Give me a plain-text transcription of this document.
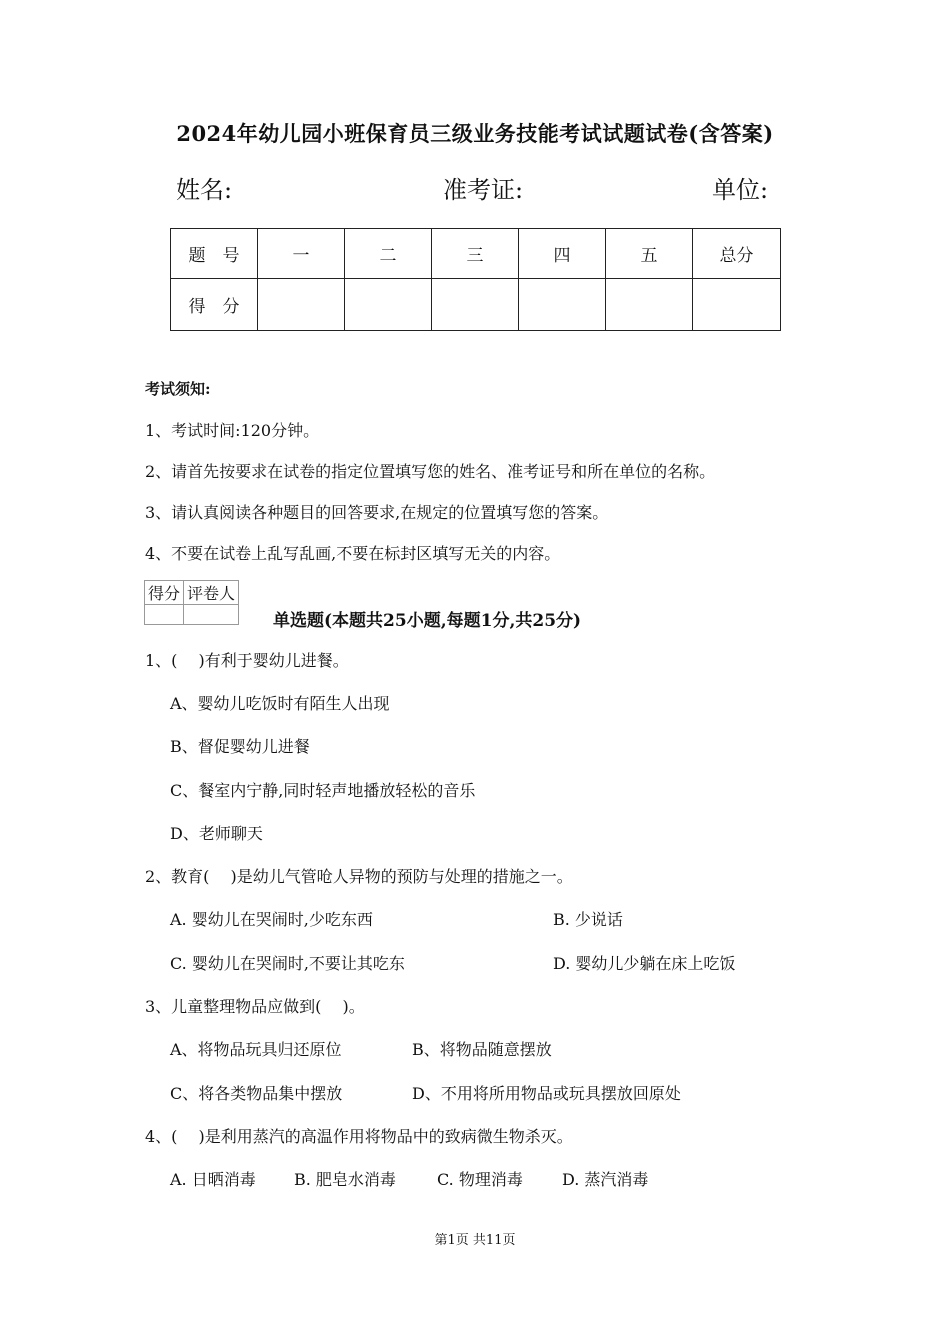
2024年幼儿园小班保育员三级业务技能考试试题试卷(含答案)
姓名:	准考证:	单位:
题　号	一	二	三	四	五	总分
得　分						
考试须知:
1、考试时间:120分钟。
2、请首先按要求在试卷的指定位置填写您的姓名、准考证号和所在单位的名称。
3、请认真阅读各种题目的回答要求,在规定的位置填写您的答案。
4、不要在试卷上乱写乱画,不要在标封区填写无关的内容。
得分	评卷人

单选题(本题共25小题,每题1分,共25分)
1、(　 )有利于婴幼儿进餐。
A、婴幼儿吃饭时有陌生人出现
B、督促婴幼儿进餐
C、餐室内宁静,同时轻声地播放轻松的音乐
D、老师聊天
2、教育(　 )是幼儿气管呛人异物的预防与处理的措施之一。
A. 婴幼儿在哭闹时,少吃东西	B. 少说话
C. 婴幼儿在哭闹时,不要让其吃东	D. 婴幼儿少躺在床上吃饭
3、儿童整理物品应做到(　 )。
A、将物品玩具归还原位	B、将物品随意摆放
C、将各类物品集中摆放	D、不用将所用物品或玩具摆放回原处
4、(　 )是利用蒸汽的高温作用将物品中的致病微生物杀灭。
A. 日晒消毒 B. 肥皂水消毒	C. 物理消毒 D. 蒸汽消毒
第1页 共11页
